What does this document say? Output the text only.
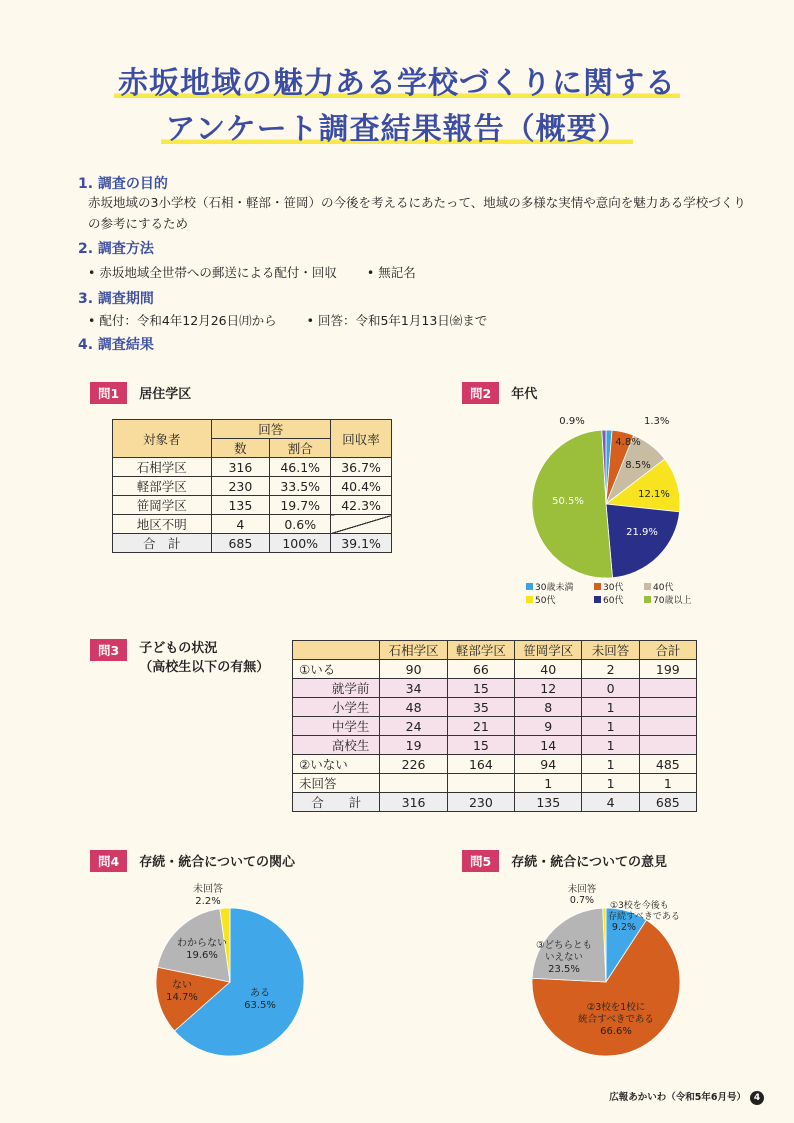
赤坂地域の魅力ある学校づくりに関する
アンケート調査結果報告（概要）
1. 調査の目的
赤坂地域の3小学校（石相・軽部・笹岡）の今後を考えるにあたって、地域の多様な実情や意向を魅力ある学校づくりの参考にするため
2. 調査方法
• 赤坂地域全世帯への郵送による配付・回収 • 無記名
3. 調査期間
• 配付：令和4年12月26日㈪から • 回答：令和5年1月13日㈮まで
4. 調査結果
問1 居住学区
対象者	回答		回収率
	数	割合	
石相学区	316	46.1%	36.7%
軽部学区	230	33.5%	40.4%
笹岡学区	135	19.7%	42.3%
地区不明	4	0.6%	
合　計	685	100%	39.1%
問2 年代
1.3%
0.9%
4.8%
8.5%
12.1%
21.9%
50.5%
30歳未満	30代	40代
50代	60代	70歳以上
問3 子どもの状況
（高校生以下の有無）
	石相学区	軽部学区	笹岡学区	未回答	合計
①いる	90	66	40	2	199
就学前	34	15	12	0	
小学生	48	35	8	1	
中学生	24	21	9	1	
高校生	19	15	14	1	
②いない	226	164	94	1	485
未回答			1	1	1
合　　計	316	230	135	4	685
問4 存続・統合についての関心
ある
63.5%
ない
14.7%
わからない
19.6%
未回答
2.2%
問5 存続・統合についての意見
①3校を今後も
存続すべきである
9.2%
②3校を1校に
統合すべきである
66.6%
③どちらとも
いえない
23.5%
未回答
0.7%
広報あかいわ（令和5年6月号） 4
